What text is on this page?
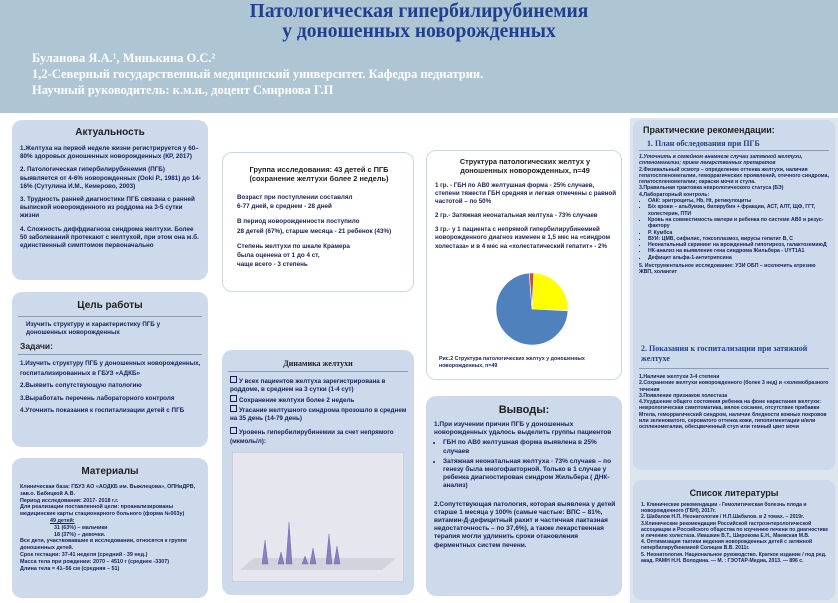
Патологическая гипербилирубинемия
у доношенных новорожденных
Буланова Я.А.¹, Минькина О.С.²
1,2-Северный государственный медицинский университет. Кафедра педиатрии.
Научный руководитель: к.м.н., доцент Смирнова Г.П
Актуальность

1.Желтуха на первой неделе жизни регистрируется у 60–80% здоровых доношенных новорожденных (КР, 2017)

2. Патологическая гипербилирубинемия (ПГБ) выявляется от 4-6% новорожденных (Ooki P., 1981) до 14-16% (Сутулина И.М., Кемерово, 2003)

3. Трудность ранней диагностики ПГБ связана с ранней выпиской новорожденного из роддома на 3-5 сутки жизни

4. Сложность диффдиагноза синдрома желтухи. Более 50 заболеваний протекают с желтухой, при этом она м.б. единственный симптомом первоначально

Цель работы
Изучить структуру и характеристику ПГБ у доношенных новорожденных
Задачи:

1.Изучить структуру ПГБ у доношенных новорожденных, госпитализированных в ГБУЗ «АДКБ»

2.Выявить сопутствующую патологию

3.Выработать перечень лабораторного контроля

4.Уточнить показания к госпитализации детей с ПГБ

Материалы

Клиническая база: ГБУЗ АО «АОДКБ им. Выжлецова», ОПНиДРВ, зав.о. Бабицкой А.В.

Период исследования: 2017- 2018 г.г.

Для реализации поставленной цели: проанализированы медицинские карты стационарного больного (форма №003у)

49 детей:

31 (63%) – мальчики

18 (37%) – девочки.

Все дети, участвовавшие в исследовании, относятся к группе доношенных детей.

Срок гестации: 37-41 неделя (средний - 39 нед.)

Масса тела при рождении: 2070 – 4510 г (среднее -3307)

Длина тела = 41–56 см (средняя – 51)

Группа исследования: 43 детей с ПГБ (сохранение желтухи более 2 недель)

Возраст при поступлении составлял

6-77 дней, в среднем - 28 дней

В период новорожденности поступило

28 детей (67%), старше месяца - 21 ребенок (43%)

Степень желтухи по шкале Крамера

была оценена от 1 до 4 ст,

чаще всего - 3 степень

Динамика желтухи

У всех пациентов желтуха зарегистрирована в роддоме, в среднем на 3 сутки (1-4 сут)

Сохранение желтухи более 2 недель

Угасание желтушного синдрома прозошло в среднем на 35 день (14-79 день)

Уровень гипербилирубинемии за счет непрямого (мкмоль/л):

Структура патологических желтух у доношенных новорожденных, n=49

1 гр. - ГБН по АВ0 желтушная форма - 25% случаев, степени тяжести ГБН средняя и легкая отмечены с равной частотой – по 50%

2 гр.- Затяжная неонатальная желтуха - 73% случаев

3 гр.- у 1 пациента с непрямой гипербилирубинемией новорожденного диагноз изменен в 1,5 мес на «синдром холестаза» и в 4 мес на «холестатический гепатит» - 2%

Рис.2 Структура патологических желтух у доношенных новорожденных, n=49
Выводы:

1.При изучении причин ПГБ у доношенных новорожденных удалось выделить группы пациентов

• ГБН по АВ0 желтушная форма выявлена в 25% случаев
• Затяжная неонатальная желтуха - 73% случаев – по генезу была многофакторной. Только в 1 случае у ребенка диагностирован синдром Жильбера ( ДНК-анализ)

2.Сопутствующая патология, которая выявлена у детей старше 1 месяца у 100% (самые частые: ВПС – 81%, витамин-Д-дефицитный рахит и частичная лактазная недостаточность – по 37,6%), а также лекарственная терапия могли удлинить сроки отановления ферментных систем печени.

Практические рекомендации:
1. План обследования при ПГБ

1.Уточнить в семейном анамнезе случаи затяжной желтухи, спленомегалии; прием лекарственных препаратов

2.Физикальный осмотр – определение оттенка желтухи, наличия гепатоспленомегалии, геморрагических проявлений, отечного синдрома, гепатоспленомегалии; окраски мочи и стула.

3.Правильная трактовка неврологического статуса (БЭ)

4.Лабораторный контроль:

▪ ОАК: эритроциты, Hb, Ht, ретикулоциты
▪ Б/х крови – альбумин, билирубин + фракции, АСТ, АЛТ, ЩФ, ГГТ, холестерин, ПТИ
▪ Кровь на совместимость матери и ребенка по системе АВ0 и резус-фактору
▪ Р. Кумбса
▪ ВУИ: ЦМВ, сифилис, токсоплазмоз, вирусы гепатит В, С
▪ Неонатальный скрининг на врожденный гипотиреоз, галактоземиюД
▪ НК-анализ на выявление гена синдрома Жильбера - UYT1A1
▪ Дефицит альфа-1-антитрипсина

5. Инструментальное исследование: УЗИ ОБП – исключить атрезию ЖВП, холангит

2. Показания к госпитализации при затяжной желтухе

1.Наличие желтухи 3-4 степени

2.Сохранение желтухи новорожденного (более 3 нед) и «холемобразного течения

3.Появление признаков холестаза

4.Ухудшение общего состояния ребенка на фоне нарастания желтухи:

неврологическая симптоматика, вялое сосание, отсутствие прибавки Мтела, геморрагический синдром, наличие бледности кожных покровов или зеленоватого, сероватого оттенка кожи, гипопигментации и/или оспленомегалии, обесцвеченный стул или темный цвет мочи

Список литературы

1. Клинические рекомендации - Гемолитическая болезнь плода и новорожденного (ГБН), 2017г.

2. Шабалов Н.П. Неонатология / Н.П.Шабалов. в 2 томах. – 2019г.

3.Клинические рекомендации Российской гастроэнтерологической ассоциации и Российского общества по изучению печени по диагностике и лечению холестаза. Ивашкин В.Т., Широкова Е.Н., Маевская М.В.

4. Оптимизация тактики ведения новорожденных детей с затяжной гипербилирубинемией Солнцев В.В. 2011г.

5. Неонатология. Национальное руководство. Краткое издание / под ред. акад. РАМН Н.Н. Володина. — М. : ГЭОТАР-Медиа, 2013. — 896 с.
